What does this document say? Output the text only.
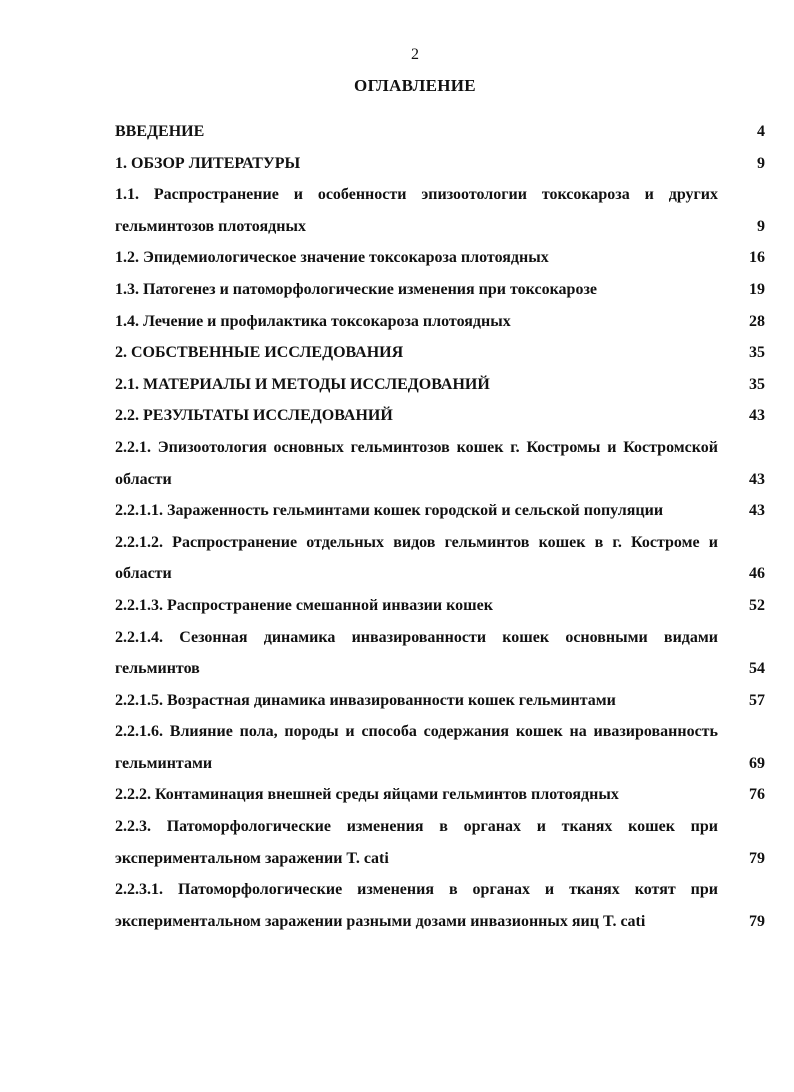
2
ОГЛАВЛЕНИЕ
ВВЕДЕНИЕ	4
1. ОБЗОР ЛИТЕРАТУРЫ	9
1.1. Распространение и особенности эпизоотологии токсокароза и других гельминтозов плотоядных	9
1.2. Эпидемиологическое значение токсокароза плотоядных	16
1.3. Патогенез и патоморфологические изменения при токсокарозе	19
1.4. Лечение и профилактика токсокароза плотоядных	28
2. СОБСТВЕННЫЕ ИССЛЕДОВАНИЯ	35
2.1. МАТЕРИАЛЫ И МЕТОДЫ ИССЛЕДОВАНИЙ	35
2.2. РЕЗУЛЬТАТЫ ИССЛЕДОВАНИЙ	43
2.2.1. Эпизоотология основных гельминтозов кошек г. Костромы и Костромской области	43
2.2.1.1. Зараженность гельминтами кошек городской и сельской популяции	43
2.2.1.2. Распространение отдельных видов гельминтов кошек в г. Костроме и области	46
2.2.1.3. Распространение смешанной инвазии кошек	52
2.2.1.4. Сезонная динамика инвазированности кошек основными видами гельминтов	54
2.2.1.5. Возрастная динамика инвазированности кошек гельминтами	57
2.2.1.6. Влияние пола, породы и способа содержания кошек на ивазированность гельминтами	69
2.2.2. Контаминация внешней среды яйцами гельминтов плотоядных	76
2.2.3. Патоморфологические изменения в органах и тканях кошек при экспериментальном заражении T. cati	79
2.2.3.1. Патоморфологические изменения в органах и тканях котят при экспериментальном заражении разными дозами инвазионных яиц T. cati	79
